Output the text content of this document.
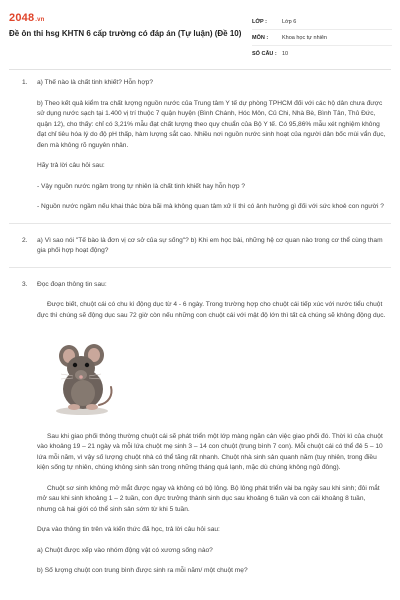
2048.vn
Đề ôn thi hsg KHTN 6 cấp trường có đáp án (Tự luận) (Đề 10)
LỚP :	Lớp 6
MÔN :	Khoa học tự nhiên
SỐ CÂU : 10
1. a) Thế nào là chất tinh khiết? Hỗn hợp?
b) Theo kết quả kiểm tra chất lượng nguồn nước của Trung tâm Y tế dự phòng TPHCM đối với các hộ dân chưa được sử dụng nước sạch tại 1.400 vị trí thuộc 7 quận huyện (Bình Chánh, Hóc Môn, Củ Chi, Nhà Bè, Bình Tân, Thủ Đức, quận 12), cho thấy: chỉ có 3,21% mẫu đạt chất lượng theo quy chuẩn của Bộ Y tế. Có 95,86% mẫu xét nghiệm không đạt chỉ tiêu hóa lý do độ pH thấp, hàm lượng sắt cao. Nhiều nơi nguồn nước sinh hoạt của người dân bốc mùi vẩn đục, đen mà không rõ nguyên nhân.
Hãy trả lời câu hỏi sau:
- Vậy nguồn nước ngầm trong tự nhiên là chất tinh khiết hay hỗn hợp ?
- Nguồn nước ngầm nếu khai thác bừa bãi mà không quan tâm xử lí thì có ảnh hưởng gì đối với sức khoẻ con người ?
2. a) Vì sao nói "Tế bào là đơn vị cơ sở của sự sống"? b) Khi em học bài, những hệ cơ quan nào trong cơ thể cùng tham gia phối hợp hoạt động?
3. Đọc đoạn thông tin sau:
Được biết, chuột cái có chu kì động dục từ 4 - 6 ngày. Trong trường hợp cho chuột cái tiếp xúc với nước tiểu chuột đực thì chúng sẽ động dục sau 72 giờ còn nếu những con chuột cái với mật độ lớn thì tất cả chúng sẽ không động dục.
Sau khi giao phối thông thường chuột cái sẽ phát triển một lớp màng ngăn cản việc giao phối đó. Thời kì của chuột vào khoảng 19 – 21 ngày và mỗi lứa chuột mẹ sinh 3 – 14 con chuột (trung bình 7 con). Mỗi chuột cái có thể đẻ 5 – 10 lứa mỗi năm, vì vậy số lượng chuột nhà có thể tăng rất nhanh. Chuột nhà sinh sản quanh năm (tuy nhiên, trong điều kiện sống tự nhiên, chúng không sinh sản trong những tháng quá lạnh, mặc dù chúng không ngủ đông).
Chuột sơ sinh không mở mắt được ngay và không có bộ lông. Bộ lông phát triển vài ba ngày sau khi sinh; đôi mắt mở sau khi sinh khoảng 1 – 2 tuần, con đực trưởng thành sinh dục sau khoảng 6 tuần và con cái khoảng 8 tuần, nhưng cả hai giới có thể sinh sản sớm từ khi 5 tuần.
Dựa vào thông tin trên và kiến thức đã học, trả lời câu hỏi sau:
a) Chuột được xếp vào nhóm động vật có xương sống nào?
b) Số lượng chuột con trung bình được sinh ra mỗi năm/ một chuột mẹ?
